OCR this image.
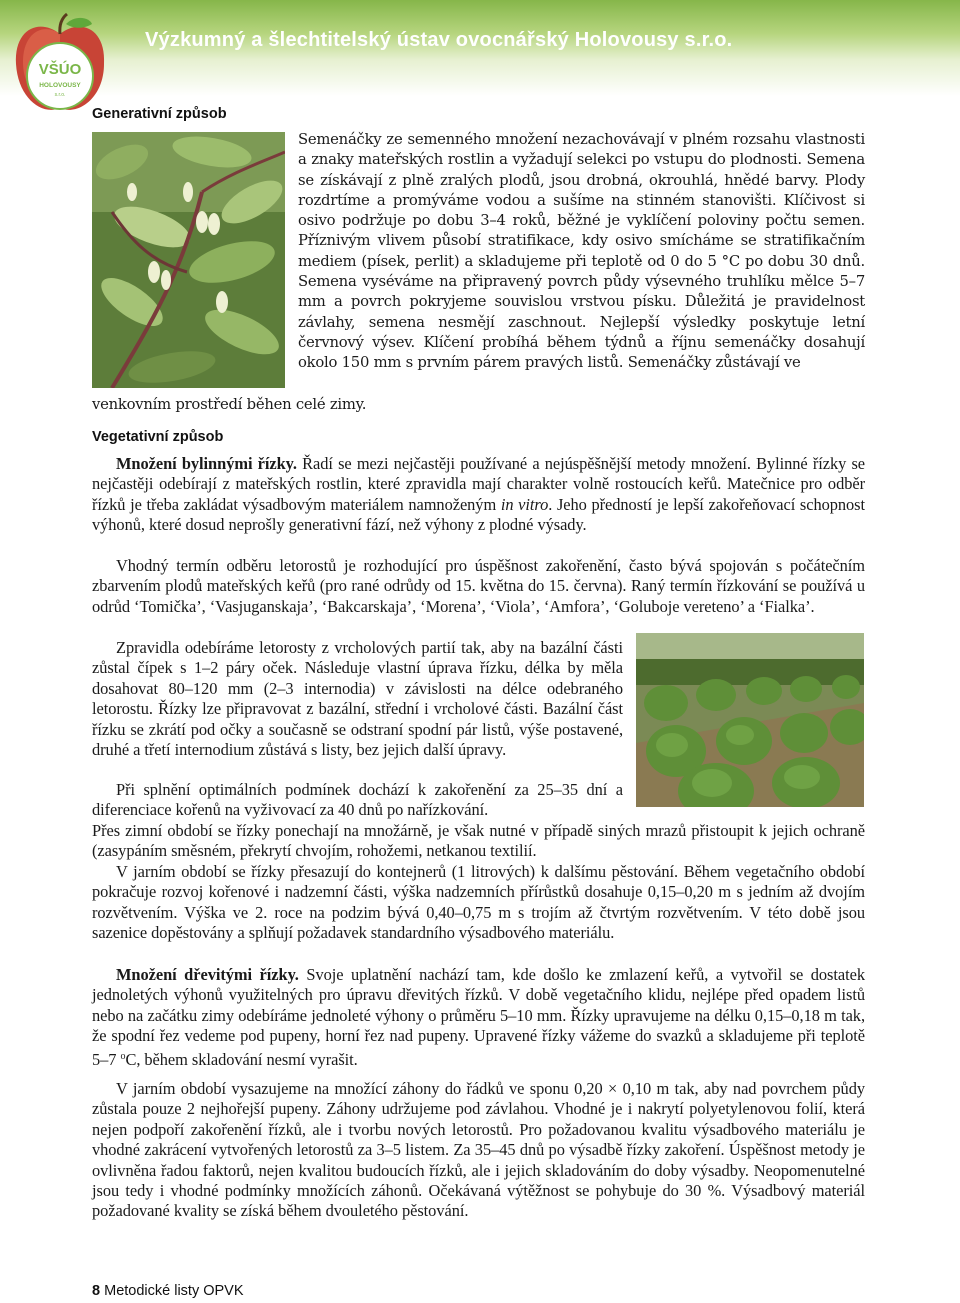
Výzkumný a šlechtitelský ústav ovocnářský Holovousy s.r.o.
VŠÚO
HOLOVOUSY
s.r.o.
Generativní způsob
Semenáčky ze semenného množení nezachovávají v plném rozsahu vlastnosti a znaky mateřských rostlin a vyžadují selekci po vstupu do plodnosti. Semena se získávají z plně zralých plodů, jsou drobná, okrouhlá, hnědé barvy. Plody rozdrtíme a promýváme vodou a sušíme na stinném stanovišti. Klíčivost si osivo podržuje po dobu 3–4 roků, běžné je vyklíčení poloviny počtu semen. Příznivým vlivem působí stratifikace, kdy osivo smícháme se stratifikačním mediem (písek, perlit) a skladujeme při teplotě od 0 do 5 °C po dobu 30 dnů. Semena vyséváme na připravený povrch půdy výsevného truhlíku mělce 5–7 mm a povrch pokryjeme souvislou vrstvou písku. Důležitá je pravidelnost závlahy, semena nesmějí zaschnout. Nejlepší výsledky poskytuje letní červnový výsev. Klíčení probíhá během týdnů a říjnu semenáčky dosahují okolo 150 mm s prvním párem pravých listů. Semenáčky zůstávají ve
venkovním prostředí běhen celé zimy.
Vegetativní způsob
Množení bylinnými řízky. Řadí se mezi nejčastěji používané a nejúspěšnější metody množení. Bylinné řízky se nejčastěji odebírají z mateřských rostlin, které zpravidla mají charakter volně rostoucích keřů. Matečnice pro odběr řízků je třeba zakládat výsadbovým materiálem namnoženým in vitro. Jeho předností je lepší zakořeňovací schopnost výhonů, které dosud neprošly generativní fází, než výhony z plodné výsady.
Vhodný termín odběru letorostů je rozhodující pro úspěšnost zakořenění, často bývá spojován s počátečním zbarvením plodů mateřských keřů (pro rané odrůdy od 15. května do 15. června). Raný termín řízkování se používá u odrůd ‘Tomička’, ‘Vasjuganskaja’, ‘Bakcarskaja’, ‘Morena’, ‘Viola’, ‘Amfora’, ‘Goluboje vereteno’ a ‘Fialka’.
Zpravidla odebíráme letorosty z vrcholových partií tak, aby na bazální části zůstal čípek s 1–2 páry oček. Následuje vlastní úprava řízku, délka by měla dosahovat 80–120 mm (2–3 internodia) v závislosti na délce odebraného letorostu. Řízky lze připravovat z bazální, střední i vrcholové části. Bazální část řízku se zkrátí pod očky a současně se odstraní spodní pár listů, výše postavené, druhé a třetí internodium zůstává s listy, bez jejich další úpravy.
Při splnění optimálních podmínek dochází k zakořenění za 25–35 dní a diferenciace kořenů na vyživovací za 40 dnů po nařízkování.
Přes zimní období se řízky ponechají na množárně, je však nutné v případě siných mrazů přistoupit k jejich ochraně (zasypáním směsném, překrytí chvojím, rohožemi, netkanou textilií.
V jarním období se řízky přesazují do kontejnerů (1 litrových) k dalšímu pěstování. Během vegetačního období pokračuje rozvoj kořenové i nadzemní části, výška nadzemních přírůstků dosahuje 0,15–0,20 m s jedním až dvojím rozvětvením. Výška ve 2. roce na podzim bývá 0,40–0,75 m s trojím až čtvrtým rozvětvením. V této době jsou sazenice dopěstovány a splňují požadavek standardního výsadbového materiálu.
Množení dřevitými řízky. Svoje uplatnění nachází tam, kde došlo ke zmlazení keřů, a vytvořil se dostatek jednoletých výhonů využitelných pro úpravu dřevitých řízků. V době vegetačního klidu, nejlépe před opadem listů nebo na začátku zimy odebíráme jednoleté výhony o průměru 5–10 mm. Řízky upravujeme na délku 0,15–0,18 m tak, že spodní řez vedeme pod pupeny, horní řez nad pupeny. Upravené řízky vážeme do svazků a skladujeme při teplotě 5–7 $^o$C, během skladování nesmí vyrašit.
V jarním období vysazujeme na množící záhony do řádků ve sponu 0,20 × 0,10 m tak, aby nad povrchem půdy zůstala pouze 2 nejhořejší pupeny. Záhony udržujeme pod závlahou. Vhodné je i nakrytí polyetylenovou folií, která nejen podpoří zakořenění řízků, ale i tvorbu nových letorostů. Pro požadovanou kvalitu výsadbového materiálu je vhodné zakrácení vytvořených letorostů za 3–5 listem. Za 35–45 dnů po výsadbě řízky zakoření. Úspěšnost metody je ovlivněna řadou faktorů, nejen kvalitou budoucích řízků, ale i jejich skladováním do doby výsadby. Neopomenutelné jsou tedy i vhodné podmínky množících záhonů. Očekávaná výtěžnost se pohybuje do 30 %. Výsadbový materiál požadované kvality se získá během dvouletého pěstování.
8 Metodické listy OPVK
